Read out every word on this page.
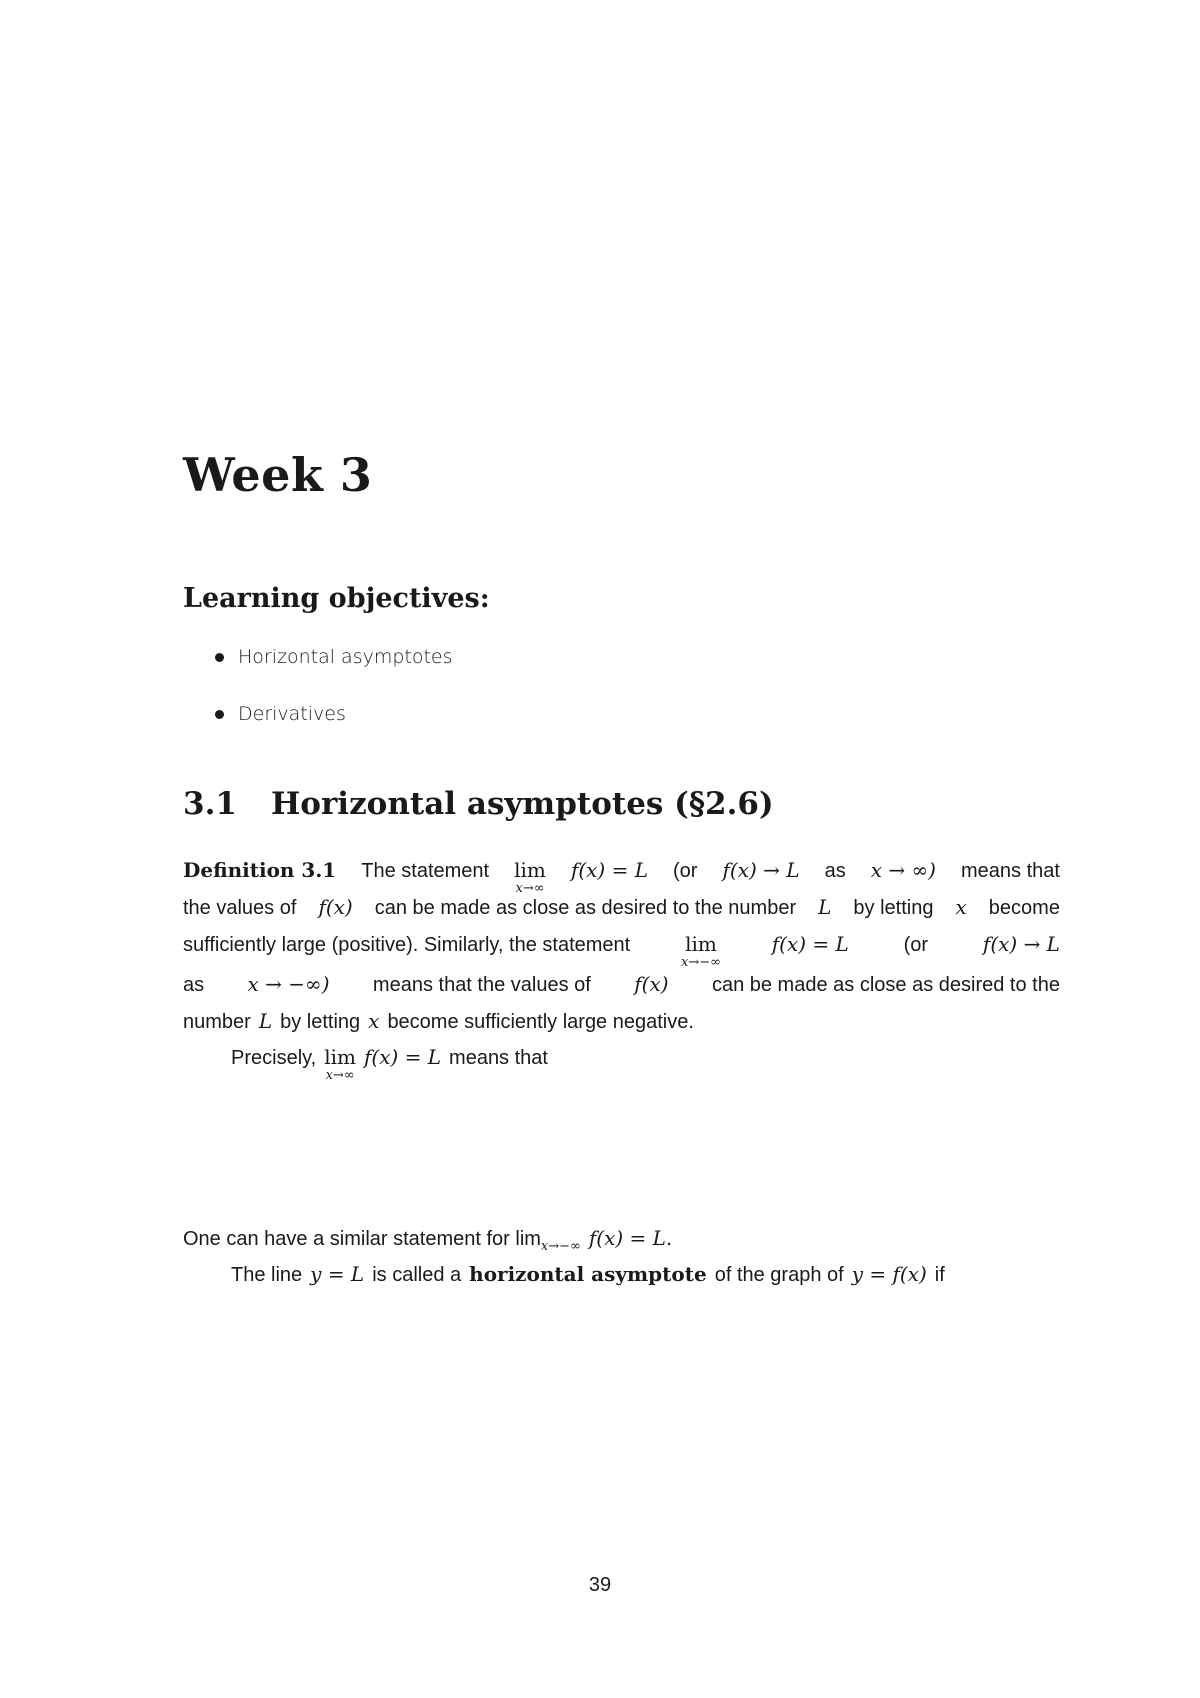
Week 3
Learning objectives:
Horizontal asymptotes
Derivatives
3.1 Horizontal asymptotes (§2.6)
Definition 3.1 The statement lim
x→∞
f(x) = L (or f(x) → L as x → ∞) means that
the values of f(x) can be made as close as desired to the number L by letting x become
sufficiently large (positive). Similarly, the statement	lim
x→−∞
f(x) = L	(or	f(x) → L
as x → −∞) means that the values of f(x) can be made as close as desired to the
number L by letting x become sufficiently large negative.
Precisely, lim
x→∞
f(x) = L means that
One can have a similar statement for $\lim_{x\to-\infty} f(x) = L$.
The line y = L is called a horizontal asymptote of the graph of y = f(x) if
39
